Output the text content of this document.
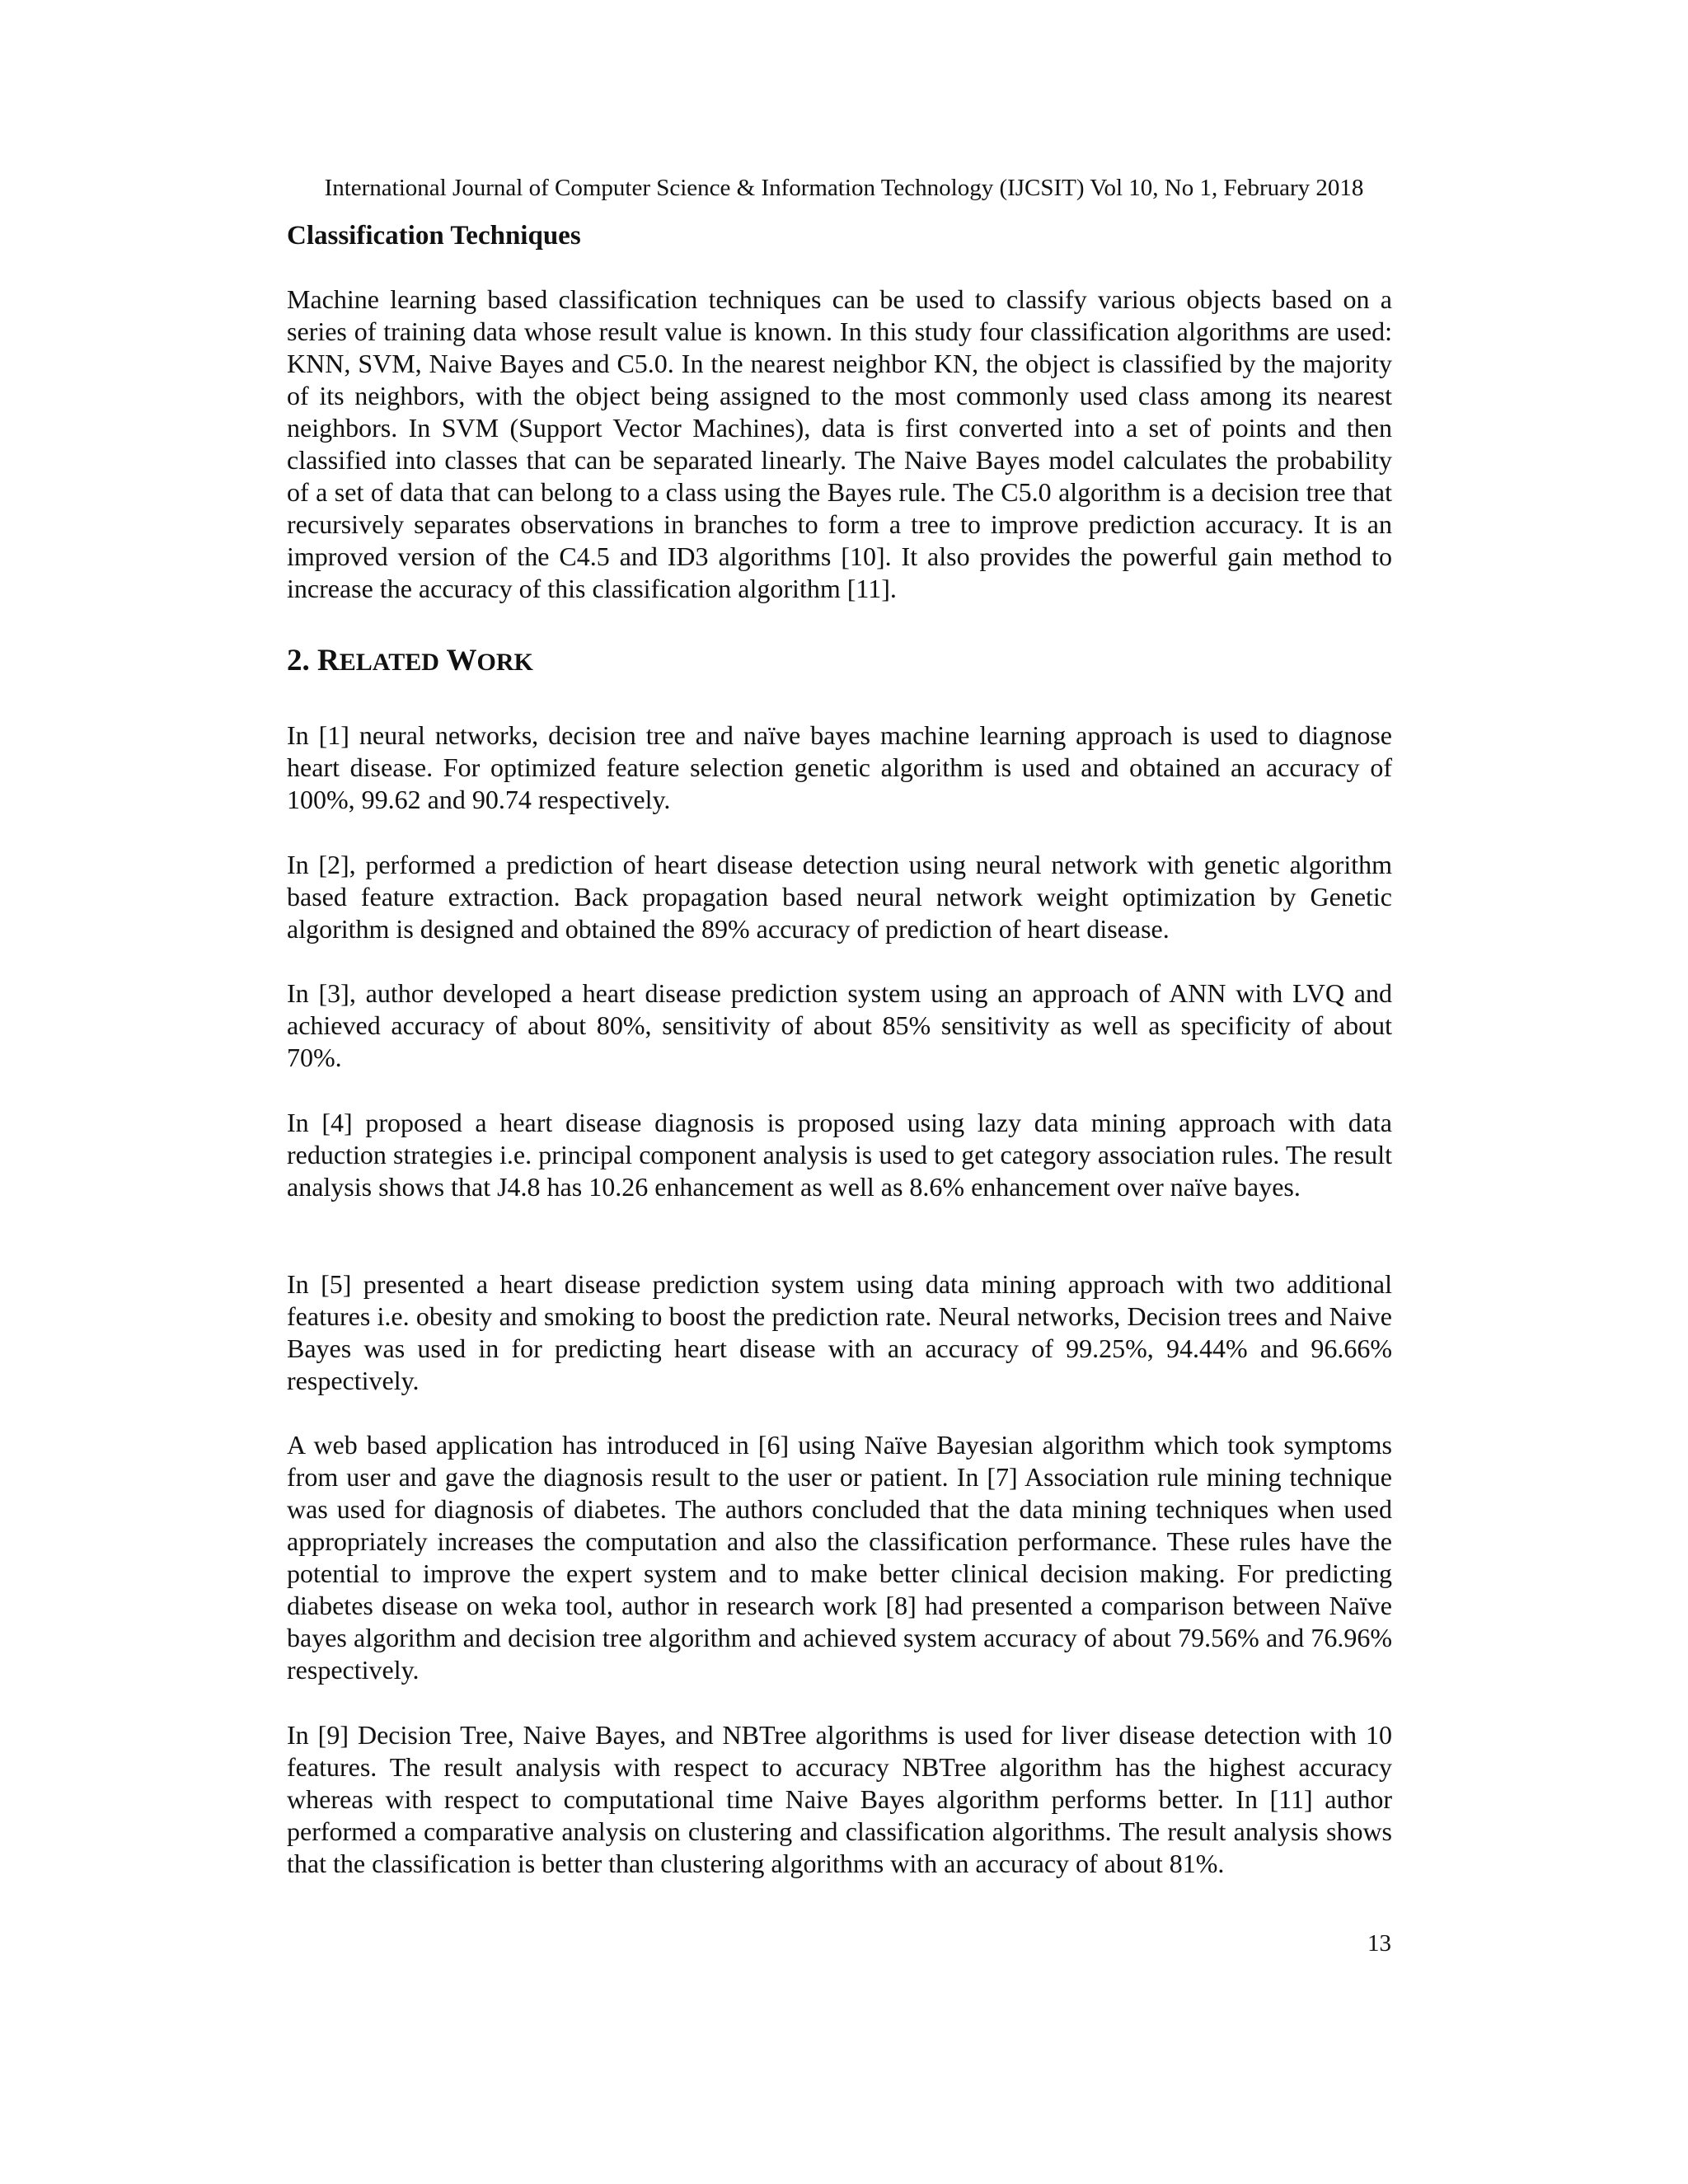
International Journal of Computer Science & Information Technology (IJCSIT) Vol 10, No 1, February 2018
Classification Techniques

Machine learning based classification techniques can be used to classify various objects based on a series of training data whose result value is known. In this study four classification algorithms are used: KNN, SVM, Naive Bayes and C5.0. In the nearest neighbor KN, the object is classified by the majority of its neighbors, with the object being assigned to the most commonly used class among its nearest neighbors. In SVM (Support Vector Machines), data is first converted into a set of points and then classified into classes that can be separated linearly. The Naive Bayes model calculates the probability of a set of data that can belong to a class using the Bayes rule. The C5.0 algorithm is a decision tree that recursively separates observations in branches to form a tree to improve prediction accuracy. It is an improved version of the C4.5 and ID3 algorithms [10]. It also provides the powerful gain method to increase the accuracy of this classification algorithm [11].

2. RELATED WORK

In [1] neural networks, decision tree and naïve bayes machine learning approach is used to diagnose heart disease. For optimized feature selection genetic algorithm is used and obtained an accuracy of 100%, 99.62 and 90.74 respectively.

In [2], performed a prediction of heart disease detection using neural network with genetic algorithm based feature extraction. Back propagation based neural network weight optimization by Genetic algorithm is designed and obtained the 89% accuracy of prediction of heart disease.

In [3], author developed a heart disease prediction system using an approach of ANN with LVQ and achieved accuracy of about 80%, sensitivity of about 85% sensitivity as well as specificity of about 70%.

In [4] proposed a heart disease diagnosis is proposed using lazy data mining approach with data reduction strategies i.e. principal component analysis is used to get category association rules. The result analysis shows that J4.8 has 10.26 enhancement as well as 8.6% enhancement over naïve bayes.

In [5] presented a heart disease prediction system using data mining approach with two additional features i.e. obesity and smoking to boost the prediction rate. Neural networks, Decision trees and Naive Bayes was used in for predicting heart disease with an accuracy of 99.25%, 94.44% and 96.66% respectively.

A web based application has introduced in [6] using Naïve Bayesian algorithm which took symptoms from user and gave the diagnosis result to the user or patient. In [7] Association rule mining technique was used for diagnosis of diabetes. The authors concluded that the data mining techniques when used appropriately increases the computation and also the classification performance. These rules have the potential to improve the expert system and to make better clinical decision making. For predicting diabetes disease on weka tool, author in research work [8] had presented a comparison between Naïve bayes algorithm and decision tree algorithm and achieved system accuracy of about 79.56% and 76.96% respectively.

In [9] Decision Tree, Naive Bayes, and NBTree algorithms is used for liver disease detection with 10 features. The result analysis with respect to accuracy NBTree algorithm has the highest accuracy whereas with respect to computational time Naive Bayes algorithm performs better. In [11] author performed a comparative analysis on clustering and classification algorithms. The result analysis shows that the classification is better than clustering algorithms with an accuracy of about 81%.

13
